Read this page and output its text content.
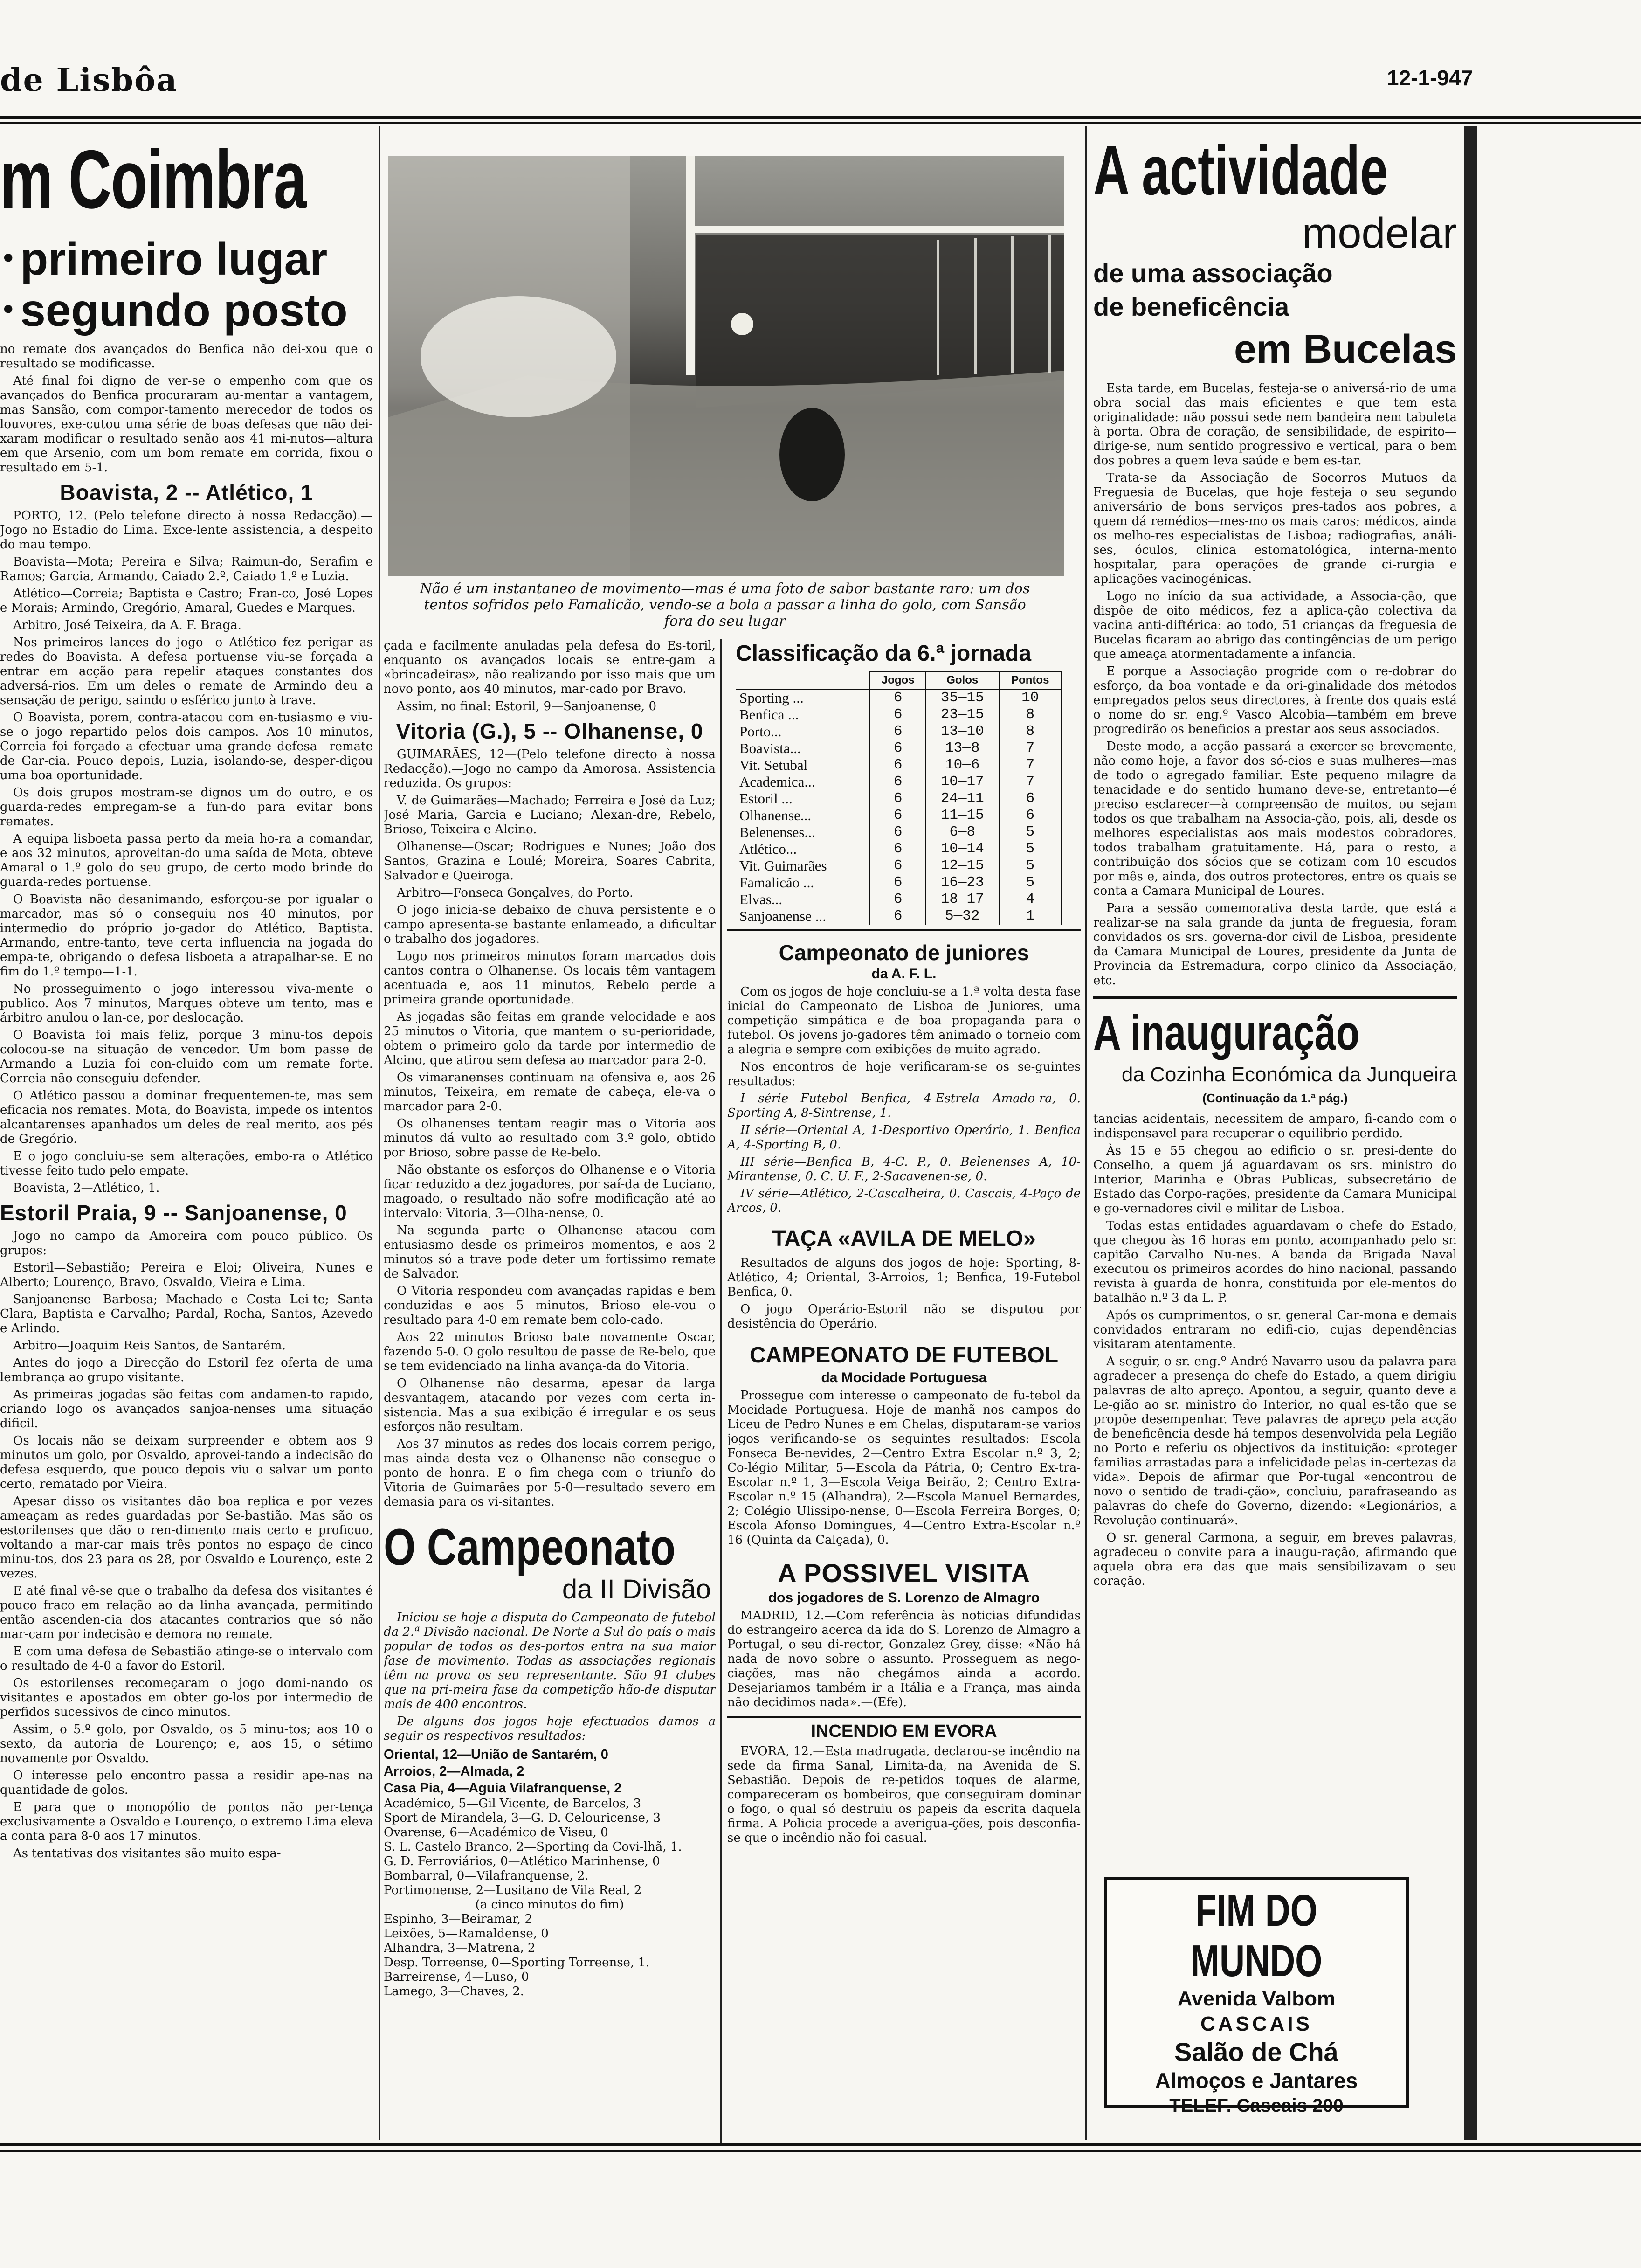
de Lisbôa	12-1-947
m Coimbra
• primeiro lugar
• segundo posto

no remate dos avançados do Benfica não dei-xou que o resultado se modificasse.

Até final foi digno de ver-se o empenho com que os avançados do Benfica procuraram au-mentar a vantagem, mas Sansão, com compor-tamento merecedor de todos os louvores, exe-cutou uma série de boas defesas que não dei-xaram modificar o resultado senão aos 41 mi-nutos—altura em que Arsenio, com um bom remate em corrida, fixou o resultado em 5-1.

Boavista, 2 -- Atlético, 1

PORTO, 12. (Pelo telefone directo à nossa Redacção).—Jogo no Estadio do Lima. Exce-lente assistencia, a despeito do mau tempo.

Boavista—Mota; Pereira e Silva; Raimun-do, Serafim e Ramos; Garcia, Armando, Caiado 2.º, Caiado 1.º e Luzia.

Atlético—Correia; Baptista e Castro; Fran-co, José Lopes e Morais; Armindo, Gregório, Amaral, Guedes e Marques.

Arbitro, José Teixeira, da A. F. Braga.

Nos primeiros lances do jogo—o Atlético fez perigar as redes do Boavista. A defesa portuense viu-se forçada a entrar em acção para repelir ataques constantes dos adversá-rios. Em um deles o remate de Armindo deu a sensação de perigo, saindo o esférico junto à trave.

O Boavista, porem, contra-atacou com en-tusiasmo e viu-se o jogo repartido pelos dois campos. Aos 10 minutos, Correia foi forçado a efectuar uma grande defesa—remate de Gar-cia. Pouco depois, Luzia, isolando-se, desper-diçou uma boa oportunidade.

Os dois grupos mostram-se dignos um do outro, e os guarda-redes empregam-se a fun-do para evitar bons remates.

A equipa lisboeta passa perto da meia ho-ra a comandar, e aos 32 minutos, aproveitan-do uma saída de Mota, obteve Amaral o 1.º golo do seu grupo, de certo modo brinde do guarda-redes portuense.

O Boavista não desanimando, esforçou-se por igualar o marcador, mas só o conseguiu nos 40 minutos, por intermedio do próprio jo-gador do Atlético, Baptista. Armando, entre-tanto, teve certa influencia na jogada do empa-te, obrigando o defesa lisboeta a atrapalhar-se. E no fim do 1.º tempo—1-1.

No prosseguimento o jogo interessou viva-mente o publico. Aos 7 minutos, Marques obteve um tento, mas e árbitro anulou o lan-ce, por deslocação.

O Boavista foi mais feliz, porque 3 minu-tos depois colocou-se na situação de vencedor. Um bom passe de Armando a Luzia foi con-cluido com um remate forte. Correia não conseguiu defender.

O Atlético passou a dominar frequentemen-te, mas sem eficacia nos remates. Mota, do Boavista, impede os intentos alcantarenses apanhados um deles de real merito, aos pés de Gregório.

E o jogo concluiu-se sem alterações, embo-ra o Atlético tivesse feito tudo pelo empate.

Boavista, 2—Atlético, 1.

Estoril Praia, 9 -- Sanjoanense, 0

Jogo no campo da Amoreira com pouco público. Os grupos:

Estoril—Sebastião; Pereira e Eloi; Oliveira, Nunes e Alberto; Lourenço, Bravo, Osvaldo, Vieira e Lima.

Sanjoanense—Barbosa; Machado e Costa Lei-te; Santa Clara, Baptista e Carvalho; Pardal, Rocha, Santos, Azevedo e Arlindo.

Arbitro—Joaquim Reis Santos, de Santarém.

Antes do jogo a Direcção do Estoril fez oferta de uma lembrança ao grupo visitante.

As primeiras jogadas são feitas com andamen-to rapido, criando logo os avançados sanjoa-nenses uma situação dificil.

Os locais não se deixam surpreender e obtem aos 9 minutos um golo, por Osvaldo, aprovei-tando a indecisão do defesa esquerdo, que pouco depois viu o salvar um ponto certo, rematado por Vieira.

Apesar disso os visitantes dão boa replica e por vezes ameaçam as redes guardadas por Se-bastião. Mas são os estorilenses que dão o ren-dimento mais certo e proficuo, voltando a mar-car mais três pontos no espaço de cinco minu-tos, dos 23 para os 28, por Osvaldo e Lourenço, este 2 vezes.

E até final vê-se que o trabalho da defesa dos visitantes é pouco fraco em relação ao da linha avançada, permitindo então ascenden-cia dos atacantes contrarios que só não mar-cam por indecisão e demora no remate.

E com uma defesa de Sebastião atinge-se o intervalo com o resultado de 4-0 a favor do Estoril.

Os estorilenses recomeçaram o jogo domi-nando os visitantes e apostados em obter go-los por intermedio de perfidos sucessivos de cinco minutos.

Assim, o 5.º golo, por Osvaldo, os 5 minu-tos; aos 10 o sexto, da autoria de Lourenço; e, aos 15, o sétimo novamente por Osvaldo.

O interesse pelo encontro passa a residir ape-nas na quantidade de golos.

E para que o monopólio de pontos não per-tença exclusivamente a Osvaldo e Lourenço, o extremo Lima eleva a conta para 8-0 aos 17 minutos.

As tentativas dos visitantes são muito espa-

Não é um instantaneo de movimento—mas é uma foto de sabor bastante raro: um dos tentos sofridos pelo Famalicão, vendo-se a bola a passar a linha do golo, com Sansão fora do seu lugar

çada e facilmente anuladas pela defesa do Es-toril, enquanto os avançados locais se entre-gam a «brincadeiras», não realizando por isso mais que um novo ponto, aos 40 minutos, mar-cado por Bravo.

Assim, no final: Estoril, 9—Sanjoanense, 0

Vitoria (G.), 5 -- Olhanense, 0

GUIMARÃES, 12—(Pelo telefone directo à nossa Redacção).—Jogo no campo da Amorosa. Assistencia reduzida. Os grupos:

V. de Guimarães—Machado; Ferreira e José da Luz; José Maria, Garcia e Luciano; Alexan-dre, Rebelo, Brioso, Teixeira e Alcino.

Olhanense—Oscar; Rodrigues e Nunes; João dos Santos, Grazina e Loulé; Moreira, Soares Cabrita, Salvador e Queiroga.

Arbitro—Fonseca Gonçalves, do Porto.

O jogo inicia-se debaixo de chuva persistente e o campo apresenta-se bastante enlameado, a dificultar o trabalho dos jogadores.

Logo nos primeiros minutos foram marcados dois cantos contra o Olhanense. Os locais têm vantagem acentuada e, aos 11 minutos, Rebelo perde a primeira grande oportunidade.

As jogadas são feitas em grande velocidade e aos 25 minutos o Vitoria, que mantem o su-perioridade, obtem o primeiro golo da tarde por intermedio de Alcino, que atirou sem defesa ao marcador para 2-0.

Os vimaranenses continuam na ofensiva e, aos 26 minutos, Teixeira, em remate de cabeça, ele-va o marcador para 2-0.

Os olhanenses tentam reagir mas o Vitoria aos minutos dá vulto ao resultado com 3.º golo, obtido por Brioso, sobre passe de Re-belo.

Não obstante os esforços do Olhanense e o Vitoria ficar reduzido a dez jogadores, por saí-da de Luciano, magoado, o resultado não sofre modificação até ao intervalo: Vitoria, 3—Olha-nense, 0.

Na segunda parte o Olhanense atacou com entusiasmo desde os primeiros momentos, e aos 2 minutos só a trave pode deter um fortissimo remate de Salvador.

O Vitoria respondeu com avançadas rapidas e bem conduzidas e aos 5 minutos, Brioso ele-vou o resultado para 4-0 em remate bem colo-cado.

Aos 22 minutos Brioso bate novamente Oscar, fazendo 5-0. O golo resultou de passe de Re-belo, que se tem evidenciado na linha avança-da do Vitoria.

O Olhanense não desarma, apesar da larga desvantagem, atacando por vezes com certa in-sistencia. Mas a sua exibição é irregular e os seus esforços não resultam.

Aos 37 minutos as redes dos locais correm perigo, mas ainda desta vez o Olhanense não consegue o ponto de honra. E o fim chega com o triunfo do Vitoria de Guimarães por 5-0—resultado severo em demasia para os vi-sitantes.

O Campeonato
da II Divisão

Iniciou-se hoje a disputa do Campeonato de futebol da 2.ª Divisão nacional. De Norte a Sul do país o mais popular de todos os des-portos entra na sua maior fase de movimento. Todas as associações regionais têm na prova os seu representante. São 91 clubes que na pri-meira fase da competição hão-de disputar mais de 400 encontros.

De alguns dos jogos hoje efectuados damos a seguir os respectivos resultados:

Oriental, 12—União de Santarém, 0
Arroios, 2—Almada, 2
Casa Pia, 4—Aguia Vilafranquense, 2
Académico, 5—Gil Vicente, de Barcelos, 3
Sport de Mirandela, 3—G. D. Celouricense, 3
Ovarense, 6—Académico de Viseu, 0
S. L. Castelo Branco, 2—Sporting da Covi-lhã, 1.
G. D. Ferroviários, 0—Atlético Marinhense, 0
Bombarral, 0—Vilafranquense, 2.
Portimonense, 2—Lusitano de Vila Real, 2
(a cinco minutos do fim)
Espinho, 3—Beiramar, 2
Leixões, 5—Ramaldense, 0
Alhandra, 3—Matrena, 2
Desp. Torreense, 0—Sporting Torreense, 1.
Barreirense, 4—Luso, 0
Lamego, 3—Chaves, 2.
Classificação da 6.ª jornada
	Jogos	Golos	Pontos
Sporting ...	6	35—15	10
Benfica ...	6	23—15	8
Porto...	6	13—10	8
Boavista...	6	13—8	7
Vit. Setubal	6	10—6	7
Academica...	6	10—17	7
Estoril ...	6	24—11	6
Olhanense...	6	11—15	6
Belenenses...	6	6—8	5
Atlético...	6	10—14	5
Vit. Guimarães	6	12—15	5
Famalicão ...	6	16—23	5
Elvas...	6	18—17	4
Sanjoanense ...	6	5—32	1
Campeonato de juniores
da A. F. L.

Com os jogos de hoje concluiu-se a 1.ª volta desta fase inicial do Campeonato de Lisboa de Juniores, uma competição simpática e de boa propaganda para o futebol. Os jovens jo-gadores têm animado o torneio com a alegria e sempre com exibições de muito agrado.

Nos encontros de hoje verificaram-se os se-guintes resultados:

I série—Futebol Benfica, 4-Estrela Amado-ra, 0. Sporting A, 8-Sintrense, 1.

II série—Oriental A, 1-Desportivo Operário, 1. Benfica A, 4-Sporting B, 0.

III série—Benfica B, 4-C. P., 0. Belenenses A, 10-Mirantense, 0. C. U. F., 2-Sacavenen-se, 0.

IV série—Atlético, 2-Cascalheira, 0. Cascais, 4-Paço de Arcos, 0.

TAÇA «AVILA DE MELO»

Resultados de alguns dos jogos de hoje: Sporting, 8-Atlético, 4; Oriental, 3-Arroios, 1; Benfica, 19-Futebol Benfica, 0.

O jogo Operário-Estoril não se disputou por desistência do Operário.

CAMPEONATO DE FUTEBOL
da Mocidade Portuguesa

Prossegue com interesse o campeonato de fu-tebol da Mocidade Portuguesa. Hoje de manhã nos campos do Liceu de Pedro Nunes e em Chelas, disputaram-se varios jogos verificando-se os seguintes resultados: Escola Fonseca Be-nevides, 2—Centro Extra Escolar n.º 3, 2; Co-légio Militar, 5—Escola da Pátria, 0; Centro Ex-tra-Escolar n.º 1, 3—Escola Veiga Beirão, 2; Centro Extra-Escolar n.º 15 (Alhandra), 2—Escola Manuel Bernardes, 2; Colégio Ulissipo-nense, 0—Escola Ferreira Borges, 0; Escola Afonso Domingues, 4—Centro Extra-Escolar n.º 16 (Quinta da Calçada), 0.

A POSSIVEL VISITA
dos jogadores de S. Lorenzo de Almagro

MADRID, 12.—Com referência às noticias difundidas do estrangeiro acerca da ida do S. Lorenzo de Almagro a Portugal, o seu di-rector, Gonzalez Grey, disse: «Não há nada de novo sobre o assunto. Prosseguem as nego-ciações, mas não chegámos ainda a acordo. Desejariamos também ir a Itália e a França, mas ainda não decidimos nada».—(Efe).

INCENDIO EM EVORA

EVORA, 12.—Esta madrugada, declarou-se incêndio na sede da firma Sanal, Limita-da, na Avenida de S. Sebastião. Depois de re-petidos toques de alarme, compareceram os bombeiros, que conseguiram dominar o fogo, o qual só destruiu os papeis da escrita daquela firma. A Policia procede a averigua-ções, pois desconfia-se que o incêndio não foi casual.

A actividade
modelar
de uma associação
de beneficência
em Bucelas

Esta tarde, em Bucelas, festeja-se o aniversá-rio de uma obra social das mais eficientes e que tem esta originalidade: não possui sede nem bandeira nem tabuleta à porta. Obra de coração, de sensibilidade, de espirito—dirige-se, num sentido progressivo e vertical, para o bem dos pobres a quem leva saúde e bem es-tar.

Trata-se da Associação de Socorros Mutuos da Freguesia de Bucelas, que hoje festeja o seu segundo aniversário de bons serviços pres-tados aos pobres, a quem dá remédios—mes-mo os mais caros; médicos, ainda os melho-res especialistas de Lisboa; radiografias, análi-ses, óculos, clinica estomatológica, interna-mento hospitalar, para operações de grande ci-rurgia e aplicações vacinogénicas.

Logo no início da sua actividade, a Associa-ção, que dispõe de oito médicos, fez a aplica-ção colectiva da vacina anti-diftérica: ao todo, 51 crianças da freguesia de Bucelas ficaram ao abrigo das contingências de um perigo que ameaça atormentadamente a infancia.

E porque a Associação progride com o re-dobrar do esforço, da boa vontade e da ori-ginalidade dos métodos empregados pelos seus directores, à frente dos quais está o nome do sr. eng.º Vasco Alcobia—também em breve progredirão os beneficios a prestar aos seus associados.

Deste modo, a acção passará a exercer-se brevemente, não como hoje, a favor dos só-cios e suas mulheres—mas de todo o agregado familiar. Este pequeno milagre da tenacidade e do sentido humano deve-se, entretanto—é preciso esclarecer—à compreensão de muitos, ou sejam todos os que trabalham na Associa-ção, pois, ali, desde os melhores especialistas aos mais modestos cobradores, todos trabalham gratuitamente. Há, para o resto, a contribuição dos sócios que se cotizam com 10 escudos por mês e, ainda, dos outros protectores, entre os quais se conta a Camara Municipal de Loures.

Para a sessão comemorativa desta tarde, que está a realizar-se na sala grande da junta de freguesia, foram convidados os srs. governa-dor civil de Lisboa, presidente da Camara Municipal de Loures, presidente da Junta de Provincia da Estremadura, corpo clinico da Associação, etc.

A inauguração
da Cozinha Económica da Junqueira
(Continuação da 1.ª pág.)

tancias acidentais, necessitem de amparo, fi-cando com o indispensavel para recuperar o equilibrio perdido.

Às 15 e 55 chegou ao edificio o sr. presi-dente do Conselho, a quem já aguardavam os srs. ministro do Interior, Marinha e Obras Publicas, subsecretário de Estado das Corpo-rações, presidente da Camara Municipal e go-vernadores civil e militar de Lisboa.

Todas estas entidades aguardavam o chefe do Estado, que chegou às 16 horas em ponto, acompanhado pelo sr. capitão Carvalho Nu-nes. A banda da Brigada Naval executou os primeiros acordes do hino nacional, passando revista à guarda de honra, constituida por ele-mentos do batalhão n.º 3 da L. P.

Após os cumprimentos, o sr. general Car-mona e demais convidados entraram no edifi-cio, cujas dependências visitaram atentamente.

A seguir, o sr. eng.º André Navarro usou da palavra para agradecer a presença do chefe do Estado, a quem dirigiu palavras de alto apreço. Apontou, a seguir, quanto deve a Le-gião ao sr. ministro do Interior, no qual es-tão que se propõe desempenhar. Teve palavras de apreço pela acção de beneficência desde há tempos desenvolvida pela Legião no Porto e referiu os objectivos da instituição: «proteger familias arrastadas para a infelicidade pelas in-certezas da vida». Depois de afirmar que Por-tugal «encontrou de novo o sentido de tradi-ção», concluiu, parafraseando as palavras do chefe do Governo, dizendo: «Legionários, a Revolução continuará».

O sr. general Carmona, a seguir, em breves palavras, agradeceu o convite para a inaugu-ração, afirmando que aquela obra era das que mais sensibilizavam o seu coração.

FIM DO MUNDO
Avenida Valbom
CASCAIS
Salão de Chá
Almoços e Jantares
TELEF. Cascais 200
